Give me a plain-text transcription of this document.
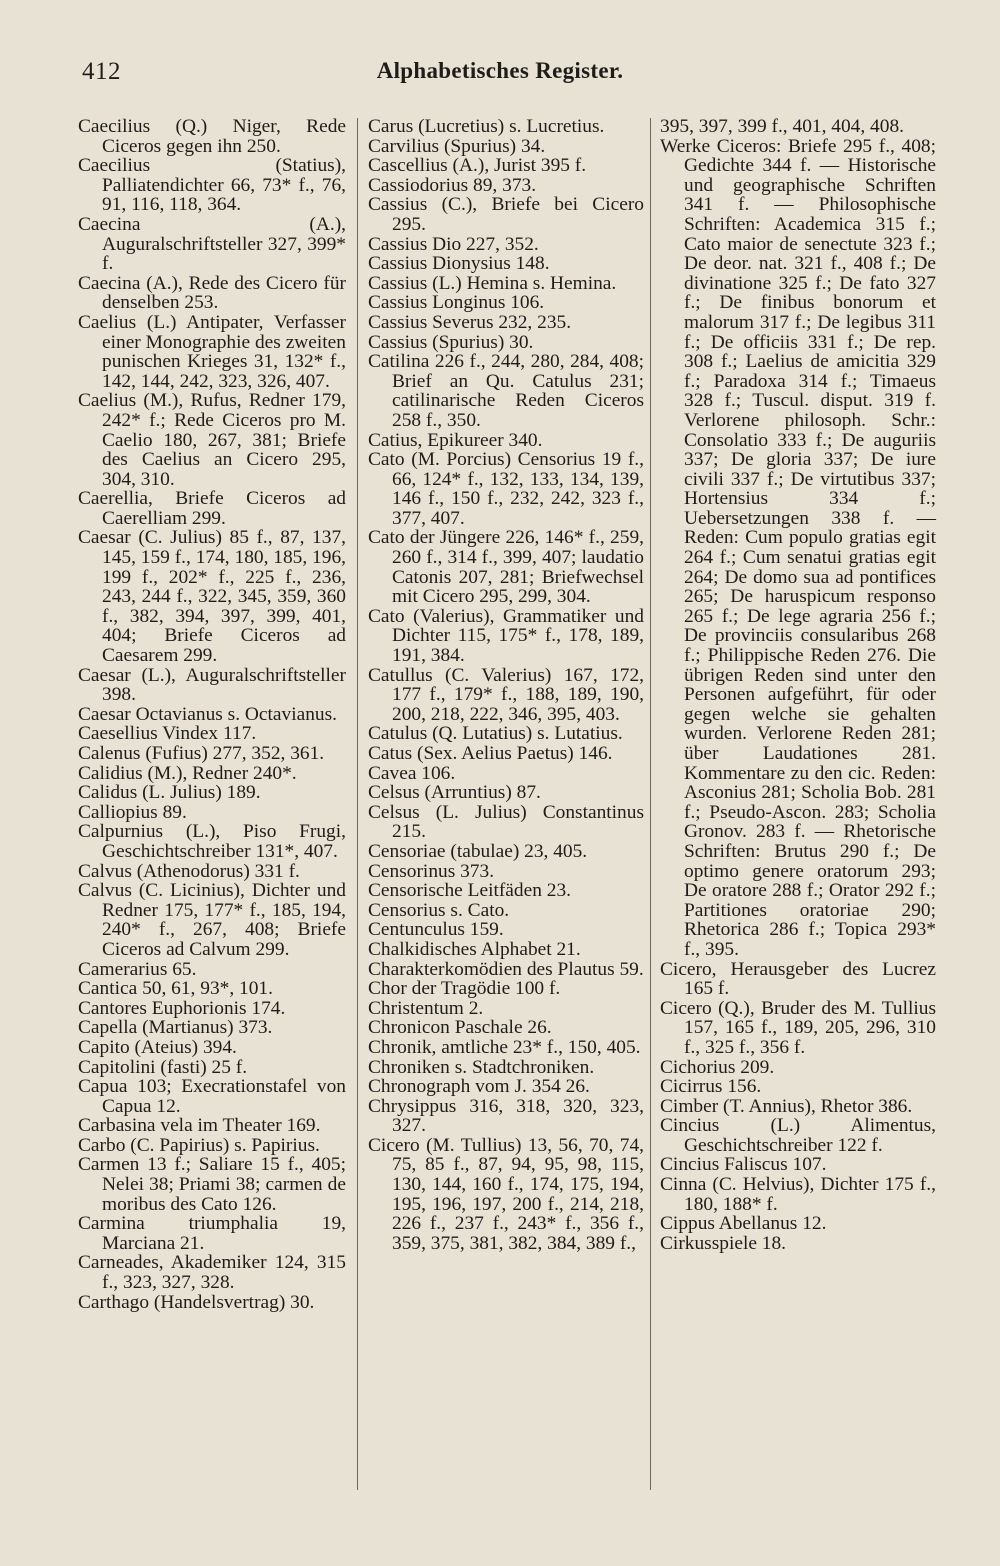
412	Alphabetisches Register.

Caecilius (Q.) Niger, Rede Ciceros gegen ihn 250.

Caecilius (Statius), Palliatendichter 66, 73* f., 76, 91, 116, 118, 364.

Caecina (A.), Auguralschriftsteller 327, 399* f.

Caecina (A.), Rede des Cicero für denselben 253.

Caelius (L.) Antipater, Verfasser einer Monographie des zweiten punischen Krieges 31, 132* f., 142, 144, 242, 323, 326, 407.

Caelius (M.), Rufus, Redner 179, 242* f.; Rede Ciceros pro M. Caelio 180, 267, 381; Briefe des Caelius an Cicero 295, 304, 310.

Caerellia, Briefe Ciceros ad Caerelliam 299.

Caesar (C. Julius) 85 f., 87, 137, 145, 159 f., 174, 180, 185, 196, 199 f., 202* f., 225 f., 236, 243, 244 f., 322, 345, 359, 360 f., 382, 394, 397, 399, 401, 404; Briefe Ciceros ad Caesarem 299.

Caesar (L.), Auguralschriftsteller 398.

Caesar Octavianus s. Octavianus.

Caesellius Vindex 117.

Calenus (Fufius) 277, 352, 361.

Calidius (M.), Redner 240*.

Calidus (L. Julius) 189.

Calliopius 89.

Calpurnius (L.), Piso Frugi, Geschichtschreiber 131*, 407.

Calvus (Athenodorus) 331 f.

Calvus (C. Licinius), Dichter und Redner 175, 177* f., 185, 194, 240* f., 267, 408; Briefe Ciceros ad Calvum 299.

Camerarius 65.

Cantica 50, 61, 93*, 101.

Cantores Euphorionis 174.

Capella (Martianus) 373.

Capito (Ateius) 394.

Capitolini (fasti) 25 f.

Capua 103; Execrationstafel von Capua 12.

Carbasina vela im Theater 169.

Carbo (C. Papirius) s. Papirius.

Carmen 13 f.; Saliare 15 f., 405; Nelei 38; Priami 38; carmen de moribus des Cato 126.

Carmina triumphalia 19, Marciana 21.

Carneades, Akademiker 124, 315 f., 323, 327, 328.

Carthago (Handelsvertrag) 30.

Carus (Lucretius) s. Lucretius.

Carvilius (Spurius) 34.

Cascellius (A.), Jurist 395 f.

Cassiodorius 89, 373.

Cassius (C.), Briefe bei Cicero 295.

Cassius Dio 227, 352.

Cassius Dionysius 148.

Cassius (L.) Hemina s. Hemina.

Cassius Longinus 106.

Cassius Severus 232, 235.

Cassius (Spurius) 30.

Catilina 226 f., 244, 280, 284, 408; Brief an Qu. Catulus 231; catilinarische Reden Ciceros 258 f., 350.

Catius, Epikureer 340.

Cato (M. Porcius) Censorius 19 f., 66, 124* f., 132, 133, 134, 139, 146 f., 150 f., 232, 242, 323 f., 377, 407.

Cato der Jüngere 226, 146* f., 259, 260 f., 314 f., 399, 407; laudatio Catonis 207, 281; Briefwechsel mit Cicero 295, 299, 304.

Cato (Valerius), Grammatiker und Dichter 115, 175* f., 178, 189, 191, 384.

Catullus (C. Valerius) 167, 172, 177 f., 179* f., 188, 189, 190, 200, 218, 222, 346, 395, 403.

Catulus (Q. Lutatius) s. Lutatius.

Catus (Sex. Aelius Paetus) 146.

Cavea 106.

Celsus (Arruntius) 87.

Celsus (L. Julius) Constantinus 215.

Censoriae (tabulae) 23, 405.

Censorinus 373.

Censorische Leitfäden 23.

Censorius s. Cato.

Centunculus 159.

Chalkidisches Alphabet 21.

Charakterkomödien des Plautus 59.

Chor der Tragödie 100 f.

Christentum 2.

Chronicon Paschale 26.

Chronik, amtliche 23* f., 150, 405.

Chroniken s. Stadtchroniken.

Chronograph vom J. 354 26.

Chrysippus 316, 318, 320, 323, 327.

Cicero (M. Tullius) 13, 56, 70, 74, 75, 85 f., 87, 94, 95, 98, 115, 130, 144, 160 f., 174, 175, 194, 195, 196, 197, 200 f., 214, 218, 226 f., 237 f., 243* f., 356 f., 359, 375, 381, 382, 384, 389 f.,

395, 397, 399 f., 401, 404, 408.

Werke Ciceros: Briefe 295 f., 408; Gedichte 344 f. — Historische und geographische Schriften 341 f. — Philosophische Schriften: Academica 315 f.; Cato maior de senectute 323 f.; De deor. nat. 321 f., 408 f.; De divinatione 325 f.; De fato 327 f.; De finibus bonorum et malorum 317 f.; De legibus 311 f.; De officiis 331 f.; De rep. 308 f.; Laelius de amicitia 329 f.; Paradoxa 314 f.; Timaeus 328 f.; Tuscul. disput. 319 f. Verlorene philosoph. Schr.: Consolatio 333 f.; De auguriis 337; De gloria 337; De iure civili 337 f.; De virtutibus 337; Hortensius 334 f.; Uebersetzungen 338 f. — Reden: Cum populo gratias egit 264 f.; Cum senatui gratias egit 264; De domo sua ad pontifices 265; De haruspicum responso 265 f.; De lege agraria 256 f.; De provinciis consularibus 268 f.; Philippische Reden 276. Die übrigen Reden sind unter den Personen aufgeführt, für oder gegen welche sie gehalten wurden. Verlorene Reden 281; über Laudationes 281. Kommentare zu den cic. Reden: Asconius 281; Scholia Bob. 281 f.; Pseudo-Ascon. 283; Scholia Gronov. 283 f. — Rhetorische Schriften: Brutus 290 f.; De optimo genere oratorum 293; De oratore 288 f.; Orator 292 f.; Partitiones oratoriae 290; Rhetorica 286 f.; Topica 293* f., 395.

Cicero, Herausgeber des Lucrez 165 f.

Cicero (Q.), Bruder des M. Tullius 157, 165 f., 189, 205, 296, 310 f., 325 f., 356 f.

Cichorius 209.

Cicirrus 156.

Cimber (T. Annius), Rhetor 386.

Cincius (L.) Alimentus, Geschichtschreiber 122 f.

Cincius Faliscus 107.

Cinna (C. Helvius), Dichter 175 f., 180, 188* f.

Cippus Abellanus 12.

Cirkusspiele 18.
